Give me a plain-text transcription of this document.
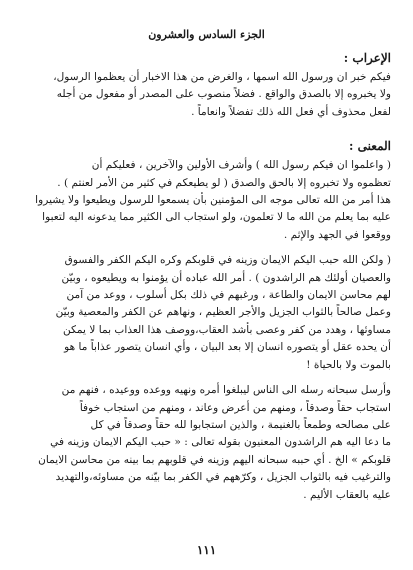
الجزء السادس والعشرون
الإعراب :

فيكم خبر ان ورسول الله اسمها ، والغرض من هذا الاخبار أن يعظموا الرسول،
ولا يخبروه إلا بالصدق والواقع . فضلاً منصوب على المصدر أو مفعول من أجله
لفعل محذوف أي فعل الله ذلك تفضلاً وانعاماً .

المعنى :

( واعلموا ان فيكم رسول الله ) وأشرف الأولين والآخرين ، فعليكم أن
تعظموه ولا تخبروه إلا بالحق والصدق ( لو يطيعكم في كثير من الأمر لعنتم ) .
هذا أمر من الله تعالى موجه الى المؤمنين بأن يسمعوا للرسول ويطيعوا ولا يشيروا
عليه بما يعلم من الله ما لا تعلمون، ولو استجاب الى الكثير مما يدعونه اليه لتعبوا
ووقعوا في الجهد والإثم .

( ولكن الله حبب اليكم الايمان وزينه في قلوبكم وكره اليكم الكفر والفسوق
والعصيان أولئك هم الراشدون ) . أمر الله عباده أن يؤمنوا به ويطيعوه ، وبيّن
لهم محاسن الايمان والطاعة ، ورغبهم في ذلك بكل أسلوب ، ووعد من آمن
وعمل صالحاً بالثواب الجزيل والأجر العظيم ، ونهاهم عن الكفر والمعصية وبيّن
مساوئها ، وهدد من كفر وعصى بأشد العقاب،ووصف هذا العذاب بما لا يمكن
أن يحده عقل أو يتصوره انسان إلا بعد البيان ، وأي انسان يتصور عذاباً ما هو
بالموت ولا بالحياة !

وأرسل سبحانه رسله الى الناس ليبلغوا أمره ونهيه ووعده ووعيده ، فنهم من
استجاب حقاً وصدقاً ، ومنهم من أعرض وعاند ، ومنهم من استجاب خوفاً
على مصالحه وطمعاً بالغنيمة ، والذين استجابوا لله حقاً وصدقاً في كل
ما دعا اليه هم الراشدون المعنيون بقوله تعالى : « حبب اليكم الايمان وزينه في
قلوبكم » الخ . أي حببه سبحانه اليهم وزينه في قلوبهم بما بينه من محاسن الايمان
والترغيب فيه بالثواب الجزيل ، وكرّههم في الكفر بما بيّنه من مساوئه،والتهديد
عليه بالعقاب الأليم .

١١١
